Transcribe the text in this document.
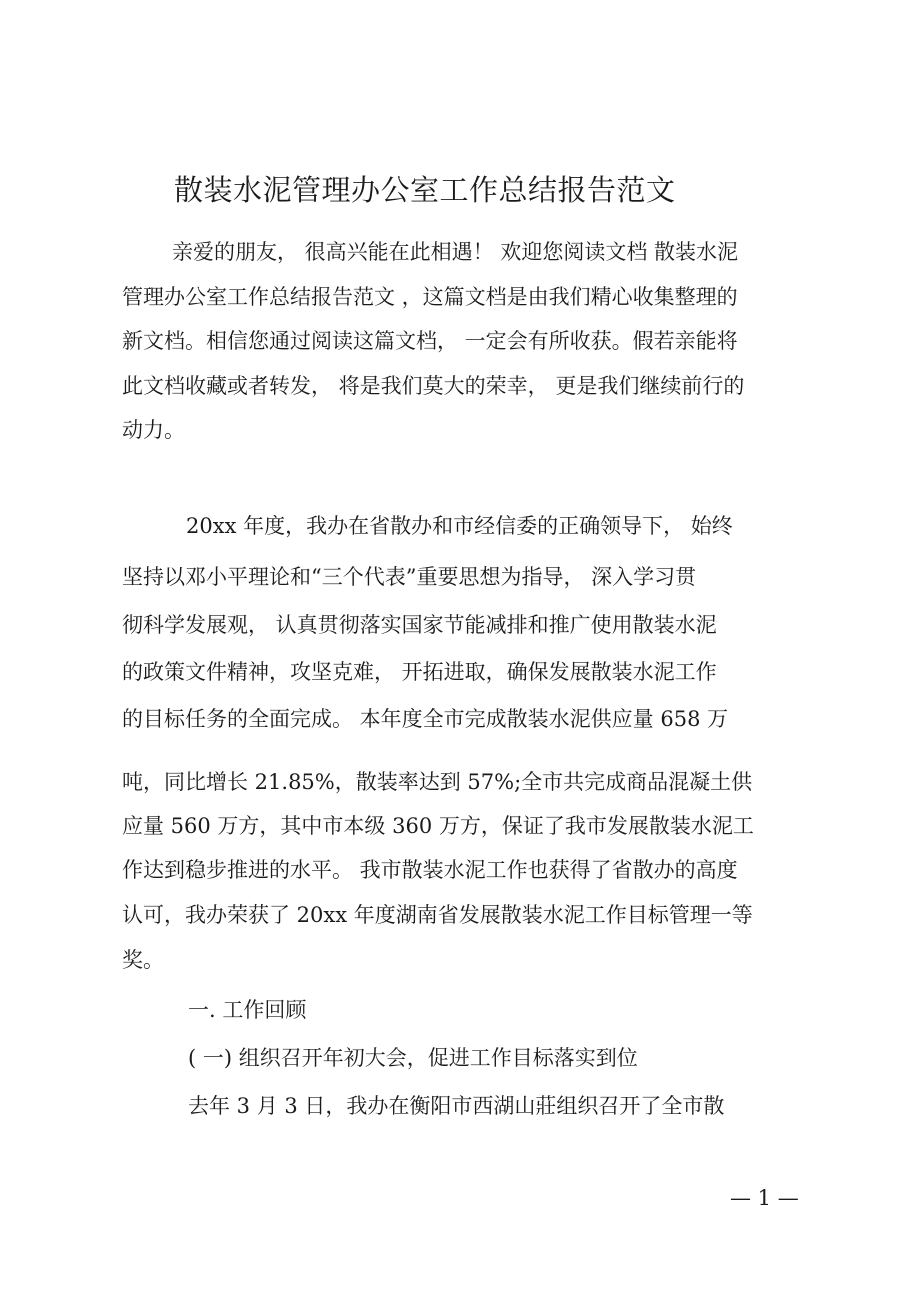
散装水泥管理办公室工作总结报告范文
亲爱的朋友， 很高兴能在此相遇！ 欢迎您阅读文档 散装水泥
管理办公室工作总结报告范文 ，这篇文档是由我们精心收集整理的
新文档。相信您通过阅读这篇文档， 一定会有所收获。假若亲能将
此文档收藏或者转发， 将是我们莫大的荣幸， 更是我们继续前行的
动力。
20xx 年度，我办在省散办和市经信委的正确领导下， 始终
坚持以邓小平理论和“三个代表”重要思想为指导， 深入学习贯
彻科学发展观， 认真贯彻落实国家节能减排和推广使用散装水泥
的政策文件精神，攻坚克难， 开拓进取，确保发展散装水泥工作
的目标任务的全面完成。 本年度全市完成散装水泥供应量 658 万
吨，同比增长 21.85%，散装率达到 57%;全市共完成商品混凝土供
应量 560 万方，其中市本级 360 万方，保证了我市发展散装水泥工
作达到稳步推进的水平。 我市散装水泥工作也获得了省散办的高度
认可，我办荣获了 20xx 年度湖南省发展散装水泥工作目标管理一等
奖。
一. 工作回顾
( 一) 组织召开年初大会，促进工作目标落实到位
去年 3 月 3 日，我办在衡阳市西湖山莊组织召开了全市散
— 1 —
